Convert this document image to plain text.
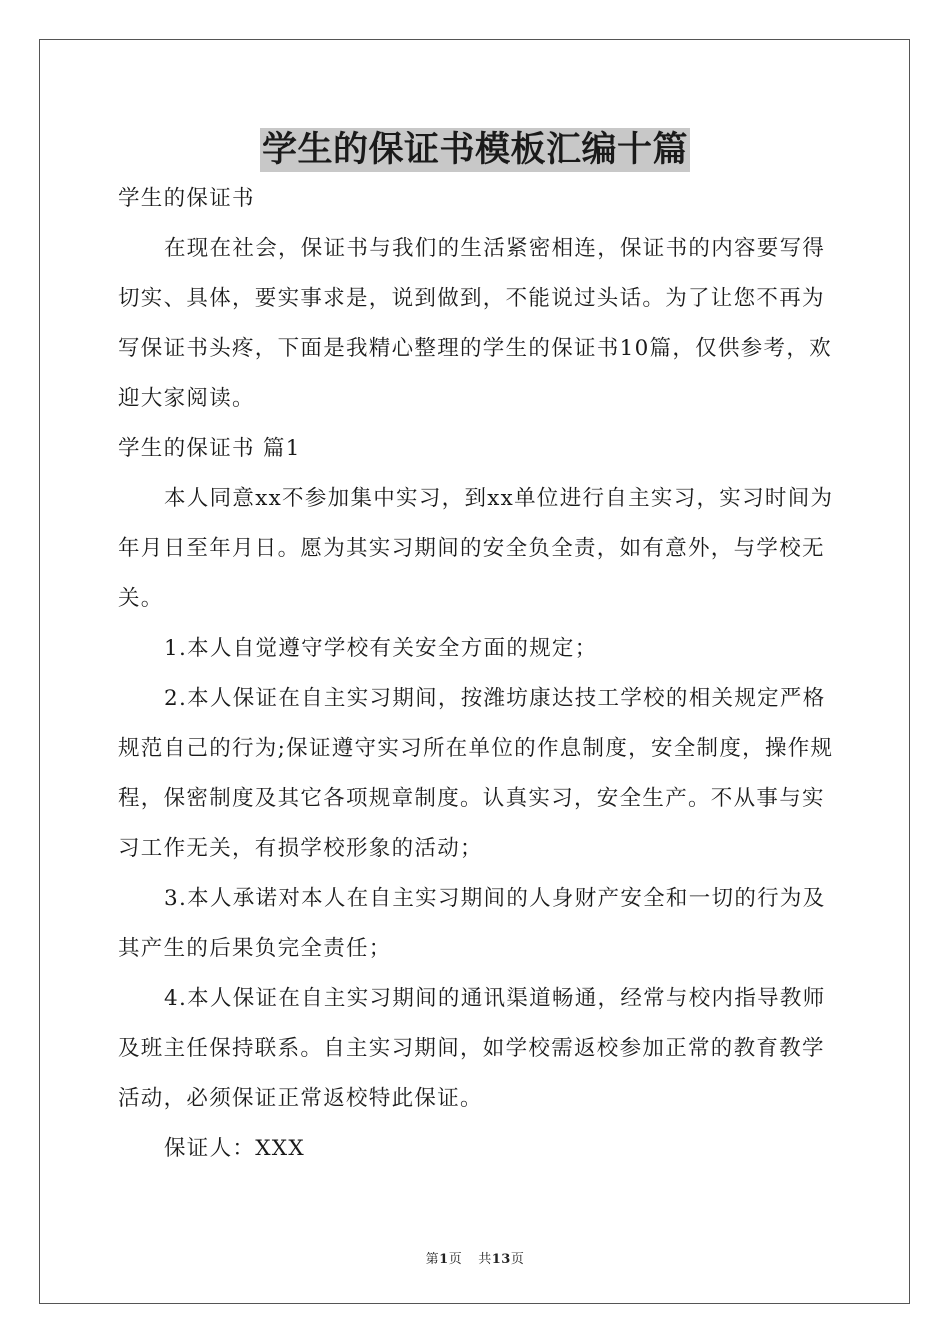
学生的保证书模板汇编十篇

学生的保证书

在现在社会，保证书与我们的生活紧密相连，保证书的内容要写得切实、具体，要实事求是，说到做到，不能说过头话。为了让您不再为写保证书头疼，下面是我精心整理的学生的保证书10篇，仅供参考，欢迎大家阅读。

学生的保证书 篇1

本人同意xx不参加集中实习，到xx单位进行自主实习，实习时间为年月日至年月日。愿为其实习期间的安全负全责，如有意外，与学校无关。

1.本人自觉遵守学校有关安全方面的规定；

2.本人保证在自主实习期间，按潍坊康达技工学校的相关规定严格规范自己的行为;保证遵守实习所在单位的作息制度，安全制度，操作规程，保密制度及其它各项规章制度。认真实习，安全生产。不从事与实习工作无关，有损学校形象的活动；

3.本人承诺对本人在自主实习期间的人身财产安全和一切的行为及其产生的后果负完全责任；

4.本人保证在自主实习期间的通讯渠道畅通，经常与校内指导教师及班主任保持联系。自主实习期间，如学校需返校参加正常的教育教学活动，必须保证正常返校特此保证。

保证人：XXX

第1页 共13页
